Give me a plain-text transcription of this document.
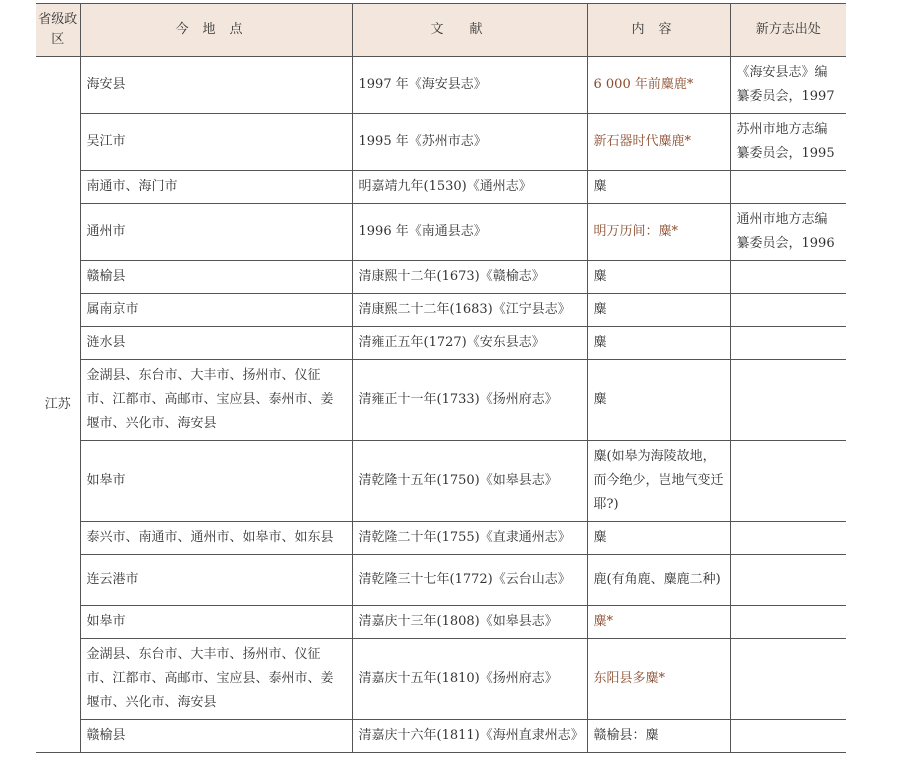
省级政区	今地点	文献	内容	新方志出处
江苏	海安县	1997 年《海安县志》	6 000 年前麋鹿*	《海安县志》编纂委员会，1997
	吴江市	1995 年《苏州市志》	新石器时代麋鹿*	苏州市地方志编纂委员会，1995
	南通市、海门市	明嘉靖九年(1530)《通州志》	麋	
	通州市	1996 年《南通县志》	明万历间：麋*	通州市地方志编纂委员会，1996
	赣榆县	清康熙十二年(1673)《赣榆志》	麋	
	属南京市	清康熙二十二年(1683)《江宁县志》	麋	
	涟水县	清雍正五年(1727)《安东县志》	麋	
	金湖县、东台市、大丰市、扬州市、仪征市、江都市、高邮市、宝应县、泰州市、姜堰市、兴化市、海安县	清雍正十一年(1733)《扬州府志》	麋	
	如皋市	清乾隆十五年(1750)《如皋县志》	麋(如皋为海陵故地，而今绝少，岂地气变迁耶?)	
	泰兴市、南通市、通州市、如皋市、如东县	清乾隆二十年(1755)《直隶通州志》	麋	
	连云港市	清乾隆三十七年(1772)《云台山志》	鹿(有角鹿、麋鹿二种)	
	如皋市	清嘉庆十三年(1808)《如皋县志》	麋*	
	金湖县、东台市、大丰市、扬州市、仪征市、江都市、高邮市、宝应县、泰州市、姜堰市、兴化市、海安县	清嘉庆十五年(1810)《扬州府志》	东阳县多麋*	
	赣榆县	清嘉庆十六年(1811)《海州直隶州志》	赣榆县：麋	
